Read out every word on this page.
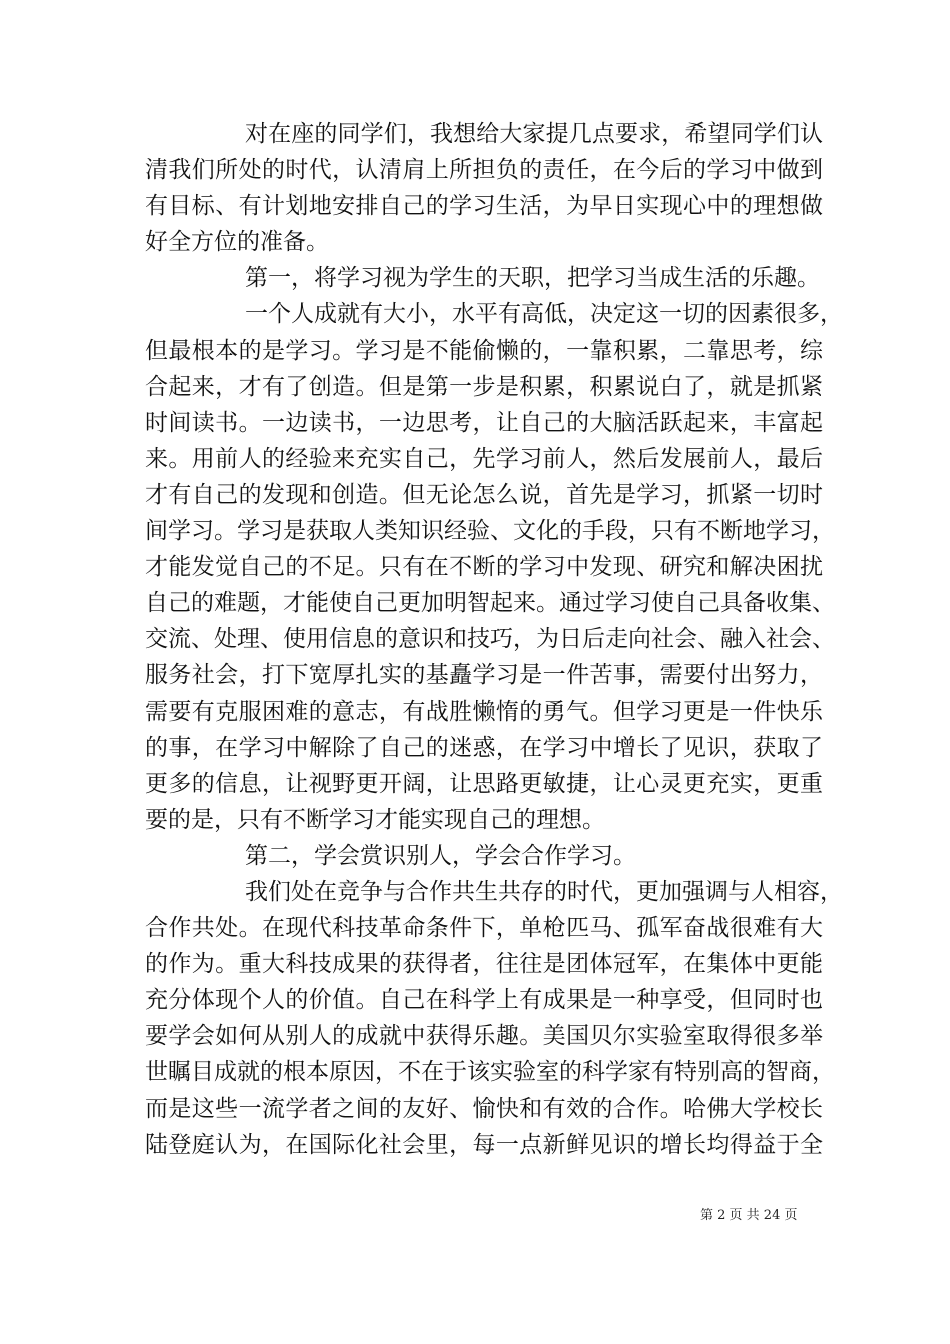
对在座的同学们，我想给大家提几点要求，希望同学们认
清我们所处的时代，认清肩上所担负的责任，在今后的学习中做到
有目标、有计划地安排自己的学习生活，为早日实现心中的理想做
好全方位的准备。
第一，将学习视为学生的天职，把学习当成生活的乐趣。
一个人成就有大小，水平有高低，决定这一切的因素很多，
但最根本的是学习。学习是不能偷懒的，一靠积累，二靠思考，综
合起来，才有了创造。但是第一步是积累，积累说白了，就是抓紧
时间读书。一边读书，一边思考，让自己的大脑活跃起来，丰富起
来。用前人的经验来充实自己，先学习前人，然后发展前人，最后
才有自己的发现和创造。但无论怎么说，首先是学习，抓紧一切时
间学习。学习是获取人类知识经验、文化的手段，只有不断地学习，
才能发觉自己的不足。只有在不断的学习中发现、研究和解决困扰
自己的难题，才能使自己更加明智起来。通过学习使自己具备收集、
交流、处理、使用信息的意识和技巧，为日后走向社会、融入社会、
服务社会，打下宽厚扎实的基矗学习是一件苦事，需要付出努力，
需要有克服困难的意志，有战胜懒惰的勇气。但学习更是一件快乐
的事，在学习中解除了自己的迷惑，在学习中增长了见识，获取了
更多的信息，让视野更开阔，让思路更敏捷，让心灵更充实，更重
要的是，只有不断学习才能实现自己的理想。
第二，学会赏识别人，学会合作学习。
我们处在竞争与合作共生共存的时代，更加强调与人相容，
合作共处。在现代科技革命条件下，单枪匹马、孤军奋战很难有大
的作为。重大科技成果的获得者，往往是团体冠军，在集体中更能
充分体现个人的价值。自己在科学上有成果是一种享受，但同时也
要学会如何从别人的成就中获得乐趣。美国贝尔实验室取得很多举
世瞩目成就的根本原因，不在于该实验室的科学家有特别高的智商，
而是这些一流学者之间的友好、愉快和有效的合作。哈佛大学校长
陆登庭认为，在国际化社会里，每一点新鲜见识的增长均得益于全
第 2 页 共 24 页
